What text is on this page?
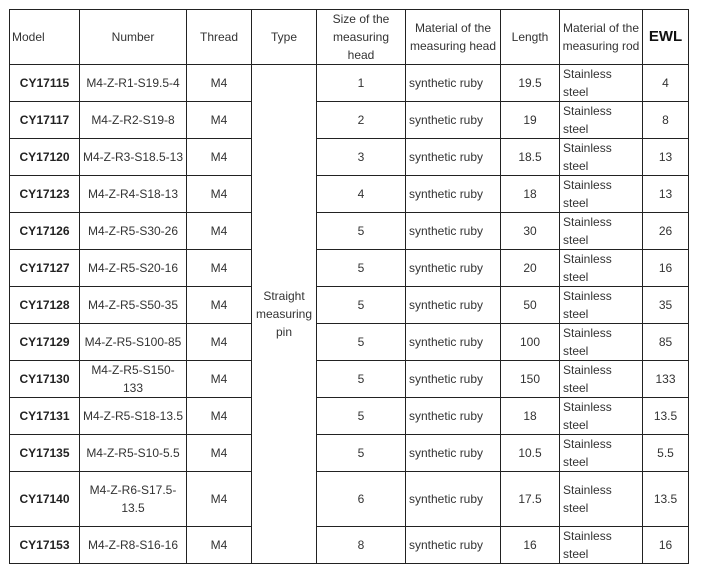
Model	Number	Thread	Type	Size of the measuring head	Material of the measuring head	Length	Material of the measuring rod	EWL
CY17115	M4-Z-R1-S19.5-4	M4	Straight measuring pin	1	synthetic ruby	19.5	Stainless steel	4
CY17117	M4-Z-R2-S19-8	M4		2	synthetic ruby	19	Stainless steel	8
CY17120	M4-Z-R3-S18.5-13	M4		3	synthetic ruby	18.5	Stainless steel	13
CY17123	M4-Z-R4-S18-13	M4		4	synthetic ruby	18	Stainless steel	13
CY17126	M4-Z-R5-S30-26	M4		5	synthetic ruby	30	Stainless steel	26
CY17127	M4-Z-R5-S20-16	M4		5	synthetic ruby	20	Stainless steel	16
CY17128	M4-Z-R5-S50-35	M4		5	synthetic ruby	50	Stainless steel	35
CY17129	M4-Z-R5-S100-85	M4		5	synthetic ruby	100	Stainless steel	85
CY17130	M4-Z-R5-S150-133	M4		5	synthetic ruby	150	Stainless steel	133
CY17131	M4-Z-R5-S18-13.5	M4		5	synthetic ruby	18	Stainless steel	13.5
CY17135	M4-Z-R5-S10-5.5	M4		5	synthetic ruby	10.5	Stainless steel	5.5
CY17140	M4-Z-R6-S17.5-13.5	M4		6	synthetic ruby	17.5	Stainless steel	13.5
CY17153	M4-Z-R8-S16-16	M4		8	synthetic ruby	16	Stainless steel	16
